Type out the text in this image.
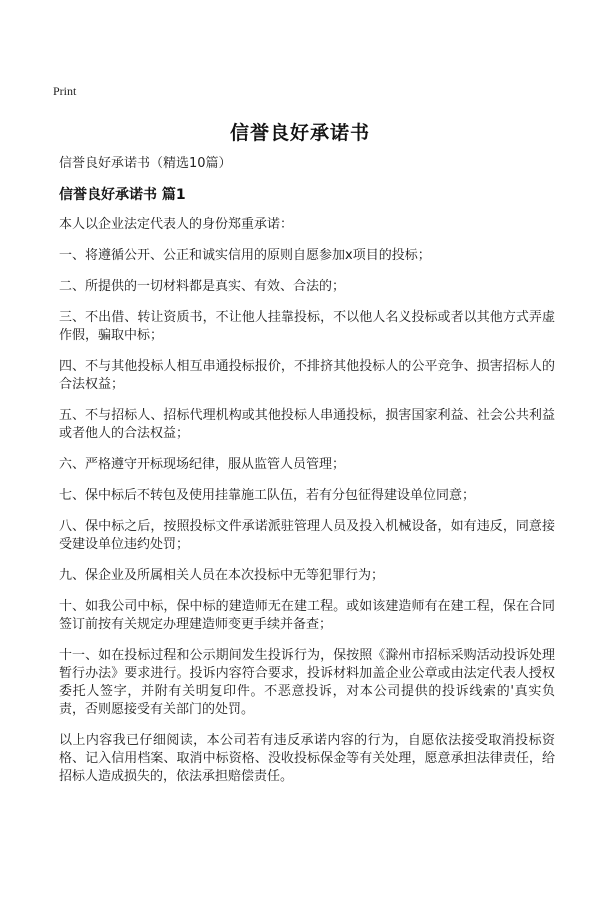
Print
信誉良好承诺书
信誉良好承诺书（精选10篇）
信誉良好承诺书 篇1

本人以企业法定代表人的身份郑重承诺：

一、将遵循公开、公正和诚实信用的原则自愿参加x项目的投标；

二、所提供的一切材料都是真实、有效、合法的；

三、不出借、转让资质书，不让他人挂靠投标，不以他人名义投标或者以其他方式弄虚作假，骗取中标；

四、不与其他投标人相互串通投标报价，不排挤其他投标人的公平竞争、损害招标人的合法权益；

五、不与招标人、招标代理机构或其他投标人串通投标，损害国家利益、社会公共利益或者他人的合法权益；

六、严格遵守开标现场纪律，服从监管人员管理；

七、保中标后不转包及使用挂靠施工队伍，若有分包征得建设单位同意；

八、保中标之后，按照投标文件承诺派驻管理人员及投入机械设备，如有违反，同意接受建设单位违约处罚；

九、保企业及所属相关人员在本次投标中无等犯罪行为；

十、如我公司中标，保中标的建造师无在建工程。或如该建造师有在建工程，保在合同签订前按有关规定办理建造师变更手续并备查；

十一、如在投标过程和公示期间发生投诉行为，保按照《滁州市招标采购活动投诉处理暂行办法》要求进行。投诉内容符合要求，投诉材料加盖企业公章或由法定代表人授权委托人签字，并附有关明复印件。不恶意投诉，对本公司提供的投诉线索的'真实负责，否则愿接受有关部门的处罚。

以上内容我已仔细阅读，本公司若有违反承诺内容的行为，自愿依法接受取消投标资格、记入信用档案、取消中标资格、没收投标保金等有关处理，愿意承担法律责任，给招标人造成损失的，依法承担赔偿责任。
